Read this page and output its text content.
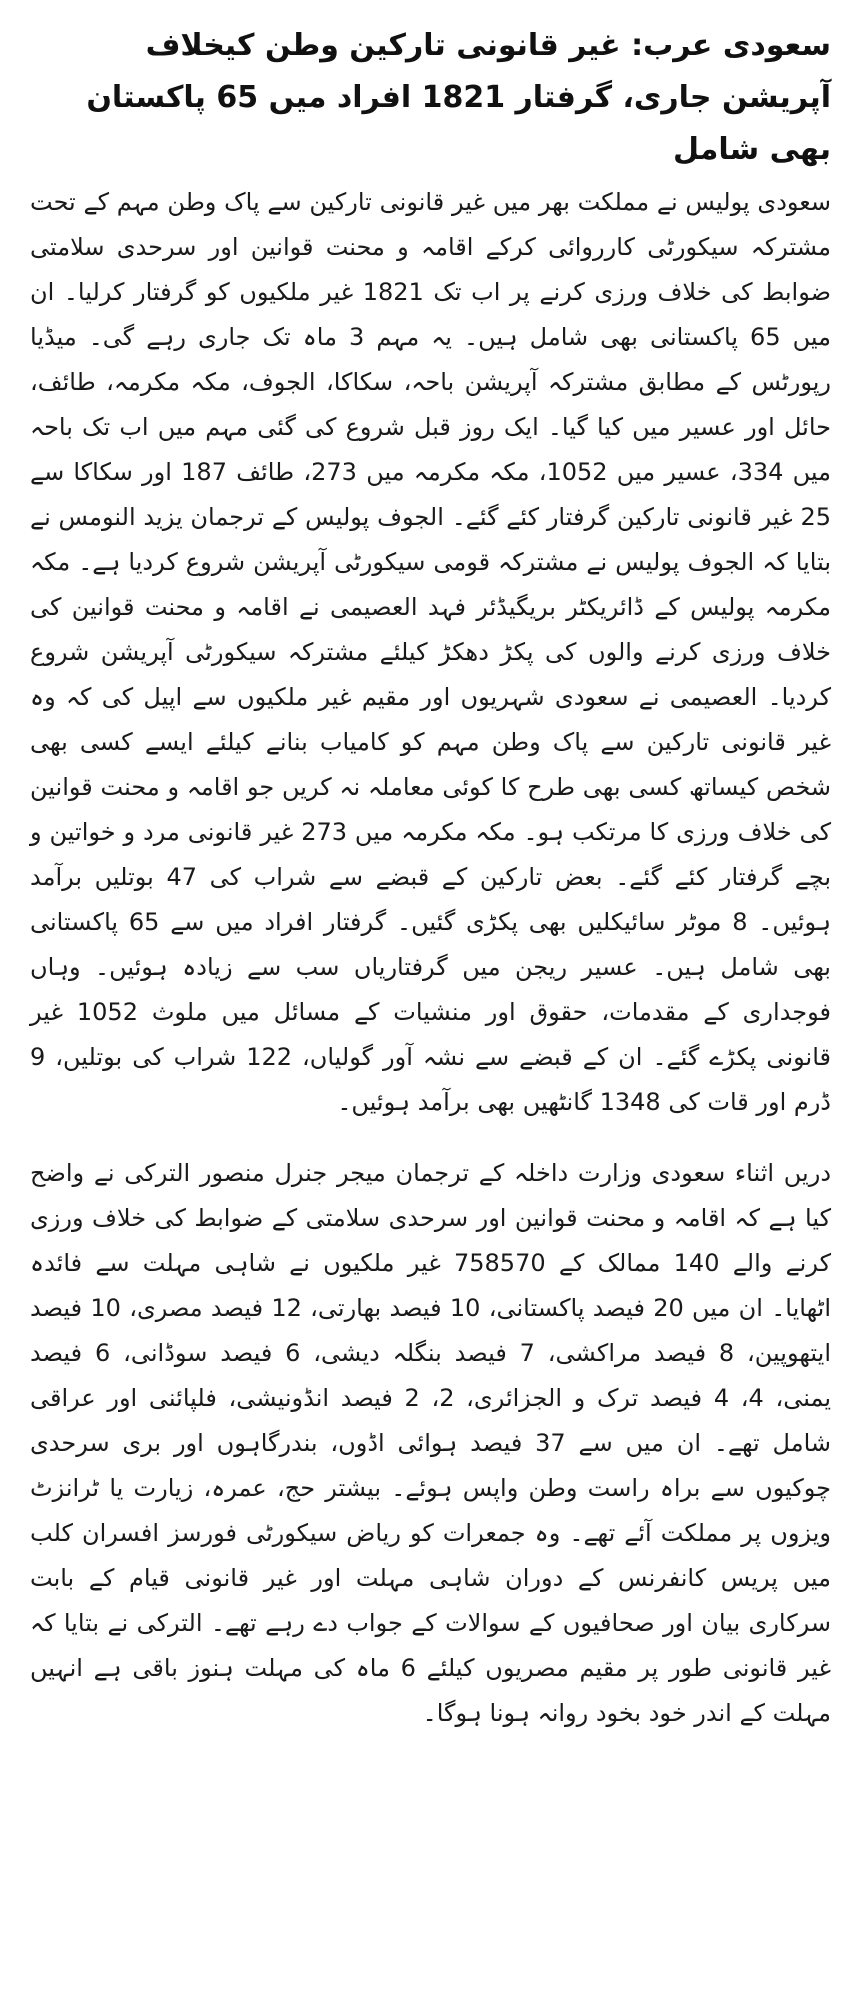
سعودی عرب: غیر قانونی تارکین وطن کیخلاف آپریشن جاری، گرفتار 1821 افراد میں 65 پاکستان بھی شامل

سعودی پولیس نے مملکت بھر میں غیر قانونی تارکین سے پاک وطن مہم کے تحت مشترکہ سیکورٹی کارروائی کرکے اقامہ و محنت قوانین اور سرحدی سلامتی ضوابط کی خلاف ورزی کرنے پر اب تک 1821 غیر ملکیوں کو گرفتار کرلیا۔ ان میں 65 پاکستانی بھی شامل ہیں۔ یہ مہم 3 ماہ تک جاری رہے گی۔ میڈیا رپورٹس کے مطابق مشترکہ آپریشن باحہ، سکاکا، الجوف، مکہ مکرمہ، طائف، حائل اور عسیر میں کیا گیا۔ ایک روز قبل شروع کی گئی مہم میں اب تک باحہ میں 334، عسیر میں 1052، مکہ مکرمہ میں 273، طائف 187 اور سکاکا سے 25 غیر قانونی تارکین گرفتار کئے گئے۔ الجوف پولیس کے ترجمان یزید النومس نے بتایا کہ الجوف پولیس نے مشترکہ قومی سیکورٹی آپریشن شروع کردیا ہے۔ مکہ مکرمہ پولیس کے ڈائریکٹر بریگیڈئر فہد العصیمی نے اقامہ و محنت قوانین کی خلاف ورزی کرنے والوں کی پکڑ دھکڑ کیلئے مشترکہ سیکورٹی آپریشن شروع کردیا۔ العصیمی نے سعودی شہریوں اور مقیم غیر ملکیوں سے اپیل کی کہ وہ غیر قانونی تارکین سے پاک وطن مہم کو کامیاب بنانے کیلئے ایسے کسی بھی شخص کیساتھ کسی بھی طرح کا کوئی معاملہ نہ کریں جو اقامہ و محنت قوانین کی خلاف ورزی کا مرتکب ہو۔ مکہ مکرمہ میں 273 غیر قانونی مرد و خواتین و بچے گرفتار کئے گئے۔ بعض تارکین کے قبضے سے شراب کی 47 بوتلیں برآمد ہوئیں۔ 8 موٹر سائیکلیں بھی پکڑی گئیں۔ گرفتار افراد میں سے 65 پاکستانی بھی شامل ہیں۔ عسیر ریجن میں گرفتاریاں سب سے زیادہ ہوئیں۔ وہاں فوجداری کے مقدمات، حقوق اور منشیات کے مسائل میں ملوث 1052 غیر قانونی پکڑے گئے۔ ان کے قبضے سے نشہ آور گولیاں، 122 شراب کی بوتلیں، 9 ڈرم اور قات کی 1348 گانٹھیں بھی برآمد ہوئیں۔

دریں اثناء سعودی وزارت داخلہ کے ترجمان میجر جنرل منصور الترکی نے واضح کیا ہے کہ اقامہ و محنت قوانین اور سرحدی سلامتی کے ضوابط کی خلاف ورزی کرنے والے 140 ممالک کے 758570 غیر ملکیوں نے شاہی مہلت سے فائدہ اٹھایا۔ ان میں 20 فیصد پاکستانی، 10 فیصد بھارتی، 12 فیصد مصری، 10 فیصد ایتھوپین، 8 فیصد مراکشی، 7 فیصد بنگلہ دیشی، 6 فیصد سوڈانی، 6 فیصد یمنی، 4، 4 فیصد ترک و الجزائری، 2، 2 فیصد انڈونیشی، فلپائنی اور عراقی شامل تھے۔ ان میں سے 37 فیصد ہوائی اڈوں، بندرگاہوں اور بری سرحدی چوکیوں سے براہ راست وطن واپس ہوئے۔ بیشتر حج، عمرہ، زیارت یا ٹرانزٹ ویزوں پر مملکت آئے تھے۔ وہ جمعرات کو ریاض سیکورٹی فورسز افسران کلب میں پریس کانفرنس کے دوران شاہی مہلت اور غیر قانونی قیام کے بابت سرکاری بیان اور صحافیوں کے سوالات کے جواب دے رہے تھے۔ الترکی نے بتایا کہ غیر قانونی طور پر مقیم مصریوں کیلئے 6 ماہ کی مہلت ہنوز باقی ہے انہیں مہلت کے اندر خود بخود روانہ ہونا ہوگا۔
